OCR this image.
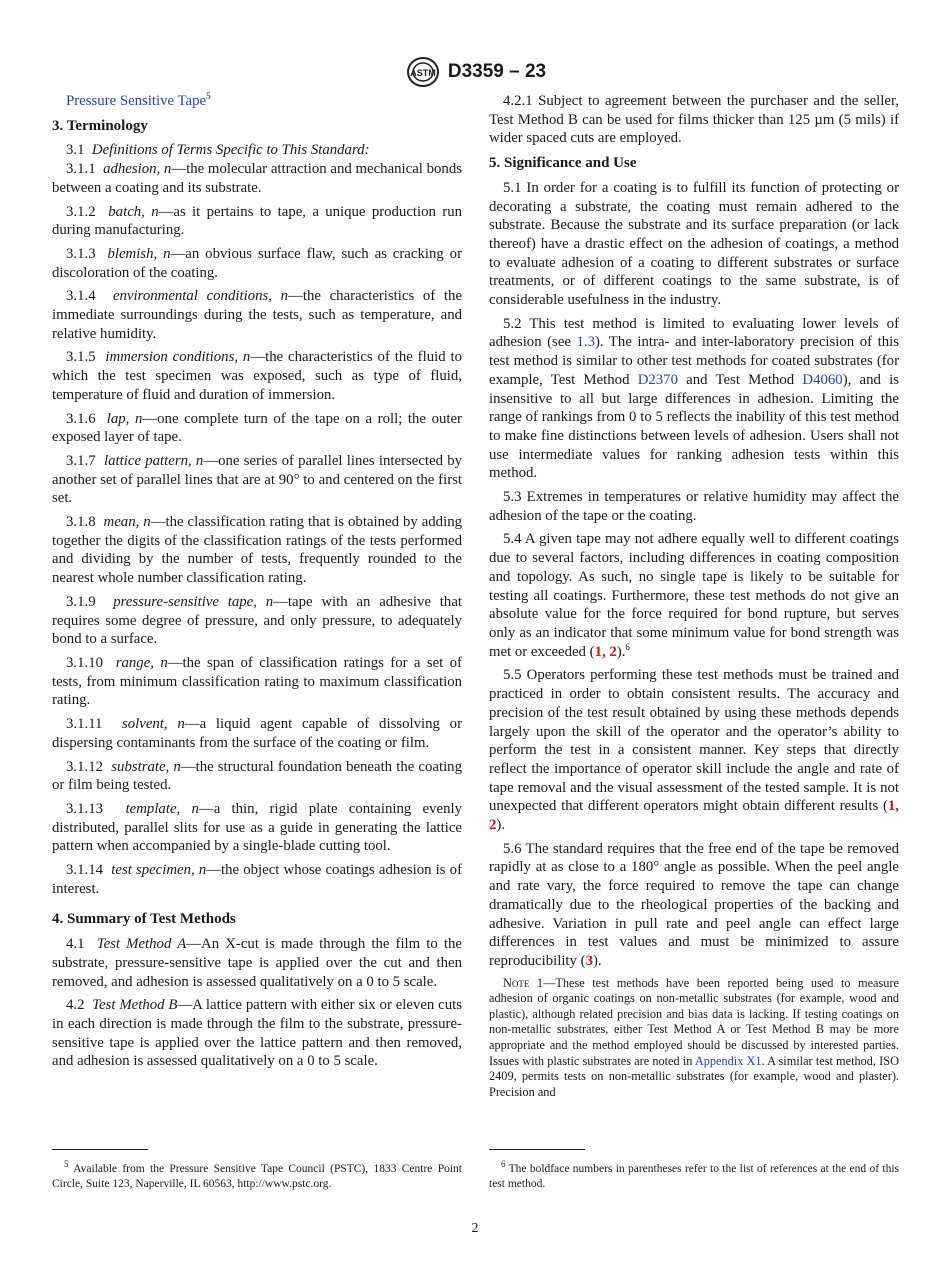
ASTM D3359 – 23

Pressure Sensitive Tape$^5$

3. Terminology

3.1 Definitions of Terms Specific to This Standard:

3.1.1 adhesion, n—the molecular attraction and mechanical bonds between a coating and its substrate.

3.1.2 batch, n—as it pertains to tape, a unique production run during manufacturing.

3.1.3 blemish, n—an obvious surface flaw, such as cracking or discoloration of the coating.

3.1.4 environmental conditions, n—the characteristics of the immediate surroundings during the tests, such as temperature, and relative humidity.

3.1.5 immersion conditions, n—the characteristics of the fluid to which the test specimen was exposed, such as type of fluid, temperature of fluid and duration of immersion.

3.1.6 lap, n—one complete turn of the tape on a roll; the outer exposed layer of tape.

3.1.7 lattice pattern, n—one series of parallel lines intersected by another set of parallel lines that are at 90° to and centered on the first set.

3.1.8 mean, n—the classification rating that is obtained by adding together the digits of the classification ratings of the tests performed and dividing by the number of tests, frequently rounded to the nearest whole number classification rating.

3.1.9 pressure-sensitive tape, n—tape with an adhesive that requires some degree of pressure, and only pressure, to adequately bond to a surface.

3.1.10 range, n—the span of classification ratings for a set of tests, from minimum classification rating to maximum classification rating.

3.1.11 solvent, n—a liquid agent capable of dissolving or dispersing contaminants from the surface of the coating or film.

3.1.12 substrate, n—the structural foundation beneath the coating or film being tested.

3.1.13 template, n—a thin, rigid plate containing evenly distributed, parallel slits for use as a guide in generating the lattice pattern when accompanied by a single-blade cutting tool.

3.1.14 test specimen, n—the object whose coatings adhesion is of interest.

4. Summary of Test Methods

4.1 Test Method A—An X-cut is made through the film to the substrate, pressure-sensitive tape is applied over the cut and then removed, and adhesion is assessed qualitatively on a 0 to 5 scale.

4.2 Test Method B—A lattice pattern with either six or eleven cuts in each direction is made through the film to the substrate, pressure-sensitive tape is applied over the lattice pattern and then removed, and adhesion is assessed qualitatively on a 0 to 5 scale.

4.2.1 Subject to agreement between the purchaser and the seller, Test Method B can be used for films thicker than 125 µm (5 mils) if wider spaced cuts are employed.

5. Significance and Use

5.1 In order for a coating is to fulfill its function of protecting or decorating a substrate, the coating must remain adhered to the substrate. Because the substrate and its surface preparation (or lack thereof) have a drastic effect on the adhesion of coatings, a method to evaluate adhesion of a coating to different substrates or surface treatments, or of different coatings to the same substrate, is of considerable usefulness in the industry.

5.2 This test method is limited to evaluating lower levels of adhesion (see 1.3). The intra- and inter-laboratory precision of this test method is similar to other test methods for coated substrates (for example, Test Method D2370 and Test Method D4060), and is insensitive to all but large differences in adhesion. Limiting the range of rankings from 0 to 5 reflects the inability of this test method to make fine distinctions between levels of adhesion. Users shall not use intermediate values for ranking adhesion tests within this method.

5.3 Extremes in temperatures or relative humidity may affect the adhesion of the tape or the coating.

5.4 A given tape may not adhere equally well to different coatings due to several factors, including differences in coating composition and topology. As such, no single tape is likely to be suitable for testing all coatings. Furthermore, these test methods do not give an absolute value for the force required for bond rupture, but serves only as an indicator that some minimum value for bond strength was met or exceeded (1, 2).$^6$

5.5 Operators performing these test methods must be trained and practiced in order to obtain consistent results. The accuracy and precision of the test result obtained by using these methods depends largely upon the skill of the operator and the operator’s ability to perform the test in a consistent manner. Key steps that directly reflect the importance of operator skill include the angle and rate of tape removal and the visual assessment of the tested sample. It is not unexpected that different operators might obtain different results (1, 2).

5.6 The standard requires that the free end of the tape be removed rapidly at as close to a 180° angle as possible. When the peel angle and rate vary, the force required to remove the tape can change dramatically due to the rheological properties of the backing and adhesive. Variation in pull rate and peel angle can effect large differences in test values and must be minimized to assure reproducibility (3).

Note 1—These test methods have been reported being used to measure adhesion of organic coatings on non-metallic substrates (for example, wood and plastic), although related precision and bias data is lacking. If testing coatings on non-metallic substrates, either Test Method A or Test Method B may be more appropriate and the method employed should be discussed by interested parties. Issues with plastic substrates are noted in Appendix X1. A similar test method, ISO 2409, permits tests on non-metallic substrates (for example, wood and plaster). Precision and

$^5$ Available from the Pressure Sensitive Tape Council (PSTC), 1833 Centre Point Circle, Suite 123, Naperville, IL 60563, http://www.pstc.org.
$^6$ The boldface numbers in parentheses refer to the list of references at the end of this test method.
2
